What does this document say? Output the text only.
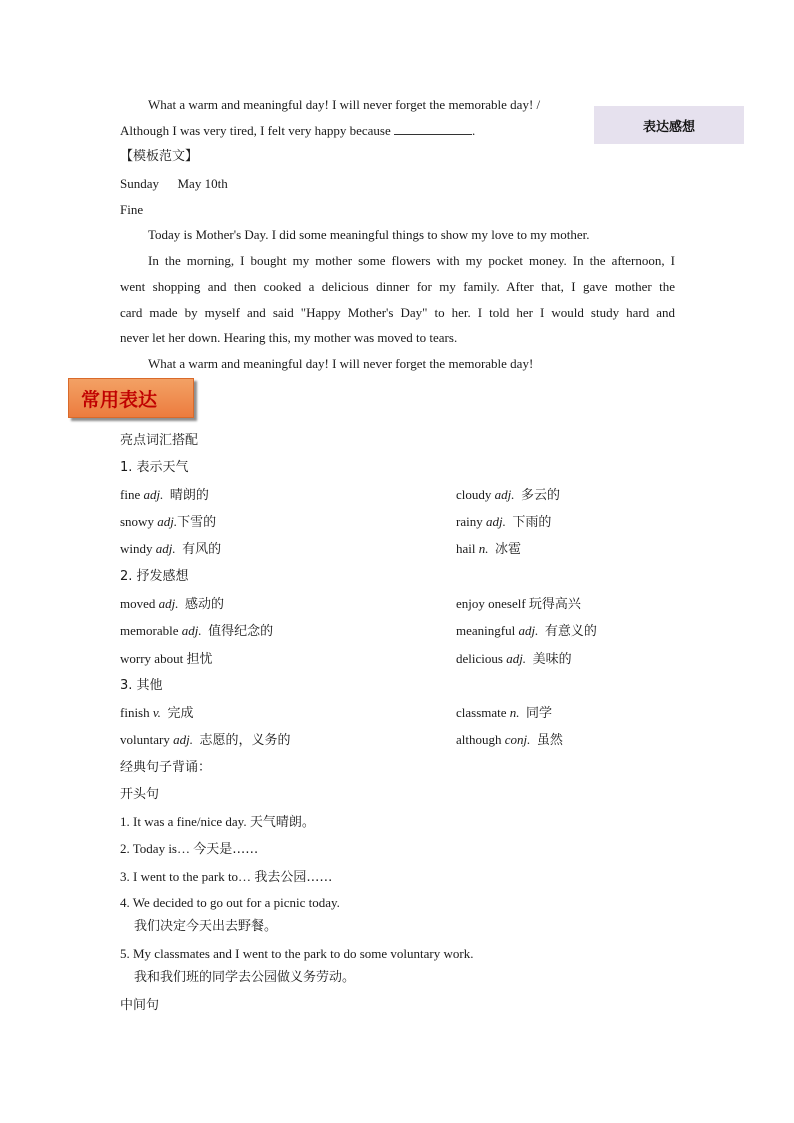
What a warm and meaningful day! I will never forget the memorable day! /
Although I was very tired, I felt very happy because	.	表达感想
【模板范文】
Sunday May 10th
Fine
Today is Mother's Day. I did some meaningful things to show my love to my mother.
In the morning, I bought my mother some flowers with my pocket money. In the afternoon, I
went shopping and then cooked a delicious dinner for my family. After that, I gave mother the
card made by myself and said "Happy Mother's Day" to her. I told her I would study hard and
never let her down. Hearing this, my mother was moved to tears.
What a warm and meaningful day! I will never forget the memorable day!
常用表达
亮点词汇搭配
1. 表示天气
fine adj. 晴朗的	cloudy adj. 多云的
snowy adj.下雪的	rainy adj. 下雨的
windy adj. 有风的	hail n. 冰雹
2. 抒发感想
moved adj. 感动的	enjoy oneself 玩得高兴
memorable adj. 值得纪念的	meaningful adj. 有意义的
worry about 担忧	delicious adj. 美味的
3. 其他
finish v. 完成	classmate n. 同学
voluntary adj. 志愿的，义务的	although conj. 虽然
经典句子背诵：
开头句
1. It was a fine/nice day. 天气晴朗。
2. Today is… 今天是……
3. I went to the park to… 我去公园……
4. We decided to go out for a picnic today.
我们决定今天出去野餐。
5. My classmates and I went to the park to do some voluntary work.
我和我们班的同学去公园做义务劳动。
中间句
